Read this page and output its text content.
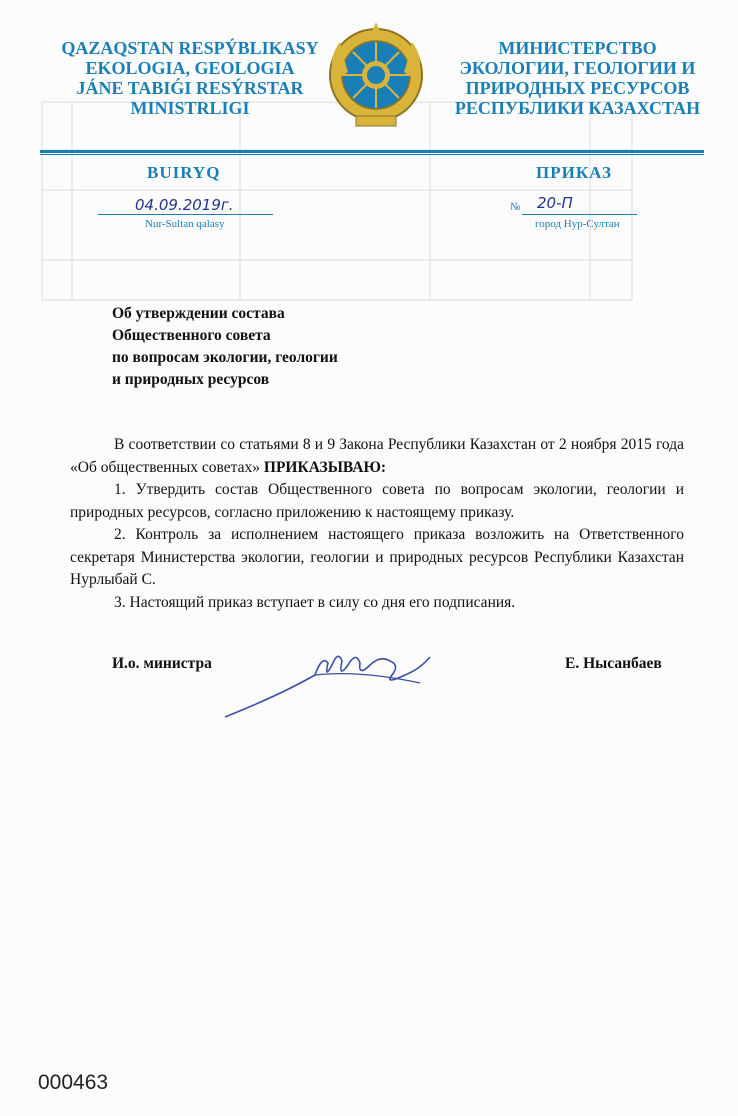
QAZAQSTAN RESPÝBLIKASY
EKOLOGIA, GEOLOGIA
JÁNE TABIǴI RESÝRSTAR
MINISTRLIGI
МИНИСТЕРСТВО
ЭКОЛОГИИ, ГЕОЛОГИИ И
ПРИРОДНЫХ РЕСУРСОВ
РЕСПУБЛИКИ КАЗАХСТАН
BUIRYQ	ПРИКАЗ
04.09.2019г.
Nur-Sultan qalasy
№ 20-П
город Нур-Султан
Об утверждении состава
Общественного совета
по вопросам экологии, геологии
и природных ресурсов

В соответствии со статьями 8 и 9 Закона Республики Казахстан от 2 ноября 2015 года «Об общественных советах» ПРИКАЗЫВАЮ:

1. Утвердить состав Общественного совета по вопросам экологии, геологии и природных ресурсов, согласно приложению к настоящему приказу.

2. Контроль за исполнением настоящего приказа возложить на Ответственного секретаря Министерства экологии, геологии и природных ресурсов Республики Казахстан Нурлыбай С.

3. Настоящий приказ вступает в силу со дня его подписания.

И.о. министра	Е. Нысанбаев
000463
